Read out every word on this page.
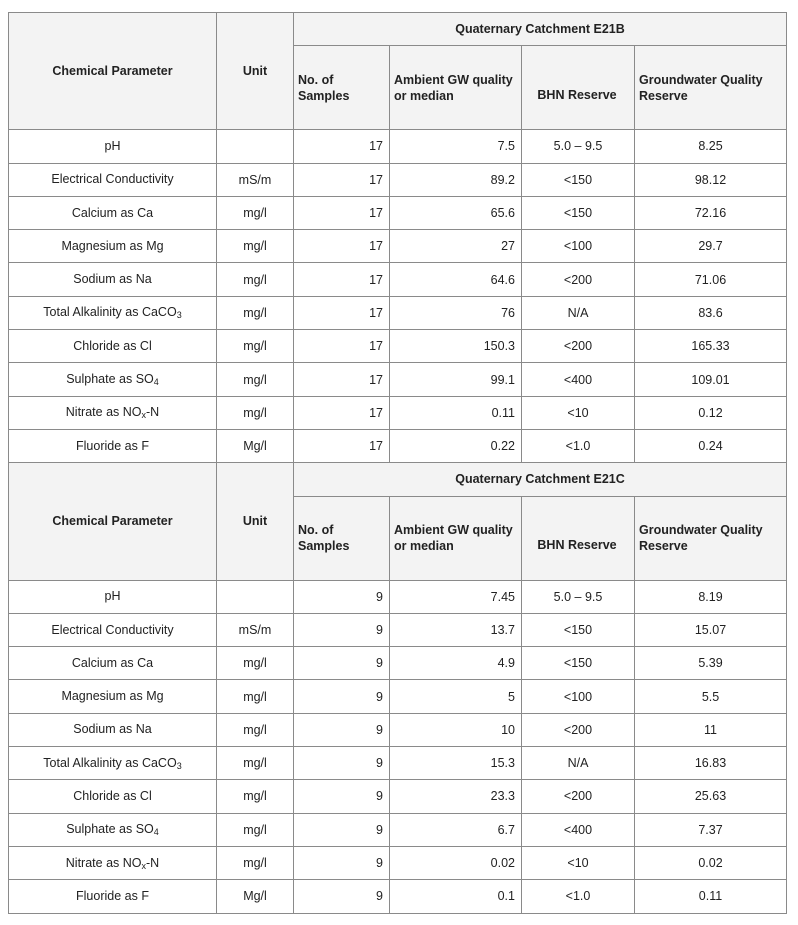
Chemical Parameter	Unit	Quaternary Catchment E21B			
		No. of Samples	Ambient GW quality or median	BHN Reserve	Groundwater Quality Reserve
pH		17	7.5	5.0 – 9.5	8.25
Electrical Conductivity	mS/m	17	89.2	<150	98.12
Calcium as Ca	mg/l	17	65.6	<150	72.16
Magnesium as Mg	mg/l	17	27	<100	29.7
Sodium as Na	mg/l	17	64.6	<200	71.06
Total Alkalinity as CaCO$_3$	mg/l	17	76	N/A	83.6
Chloride as Cl	mg/l	17	150.3	<200	165.33
Sulphate as $SO_4$	mg/l	17	99.1	<400	109.01
Nitrate as $NO_x-N$	mg/l	17	0.11	<10	0.12
Fluoride as F	Mg/l	17	0.22	<1.0	0.24
Chemical Parameter	Unit	Quaternary Catchment E21C			
		No. of Samples	Ambient GW quality or median	BHN Reserve	Groundwater Quality Reserve
pH		9	7.45	5.0 – 9.5	8.19
Electrical Conductivity	mS/m	9	13.7	<150	15.07
Calcium as Ca	mg/l	9	4.9	<150	5.39
Magnesium as Mg	mg/l	9	5	<100	5.5
Sodium as Na	mg/l	9	10	<200	11
Total Alkalinity as CaCO$_3$	mg/l	9	15.3	N/A	16.83
Chloride as Cl	mg/l	9	23.3	<200	25.63
Sulphate as $SO_4$	mg/l	9	6.7	<400	7.37
Nitrate as $NO_x-N$	mg/l	9	0.02	<10	0.02
Fluoride as F	Mg/l	9	0.1	<1.0	0.11
